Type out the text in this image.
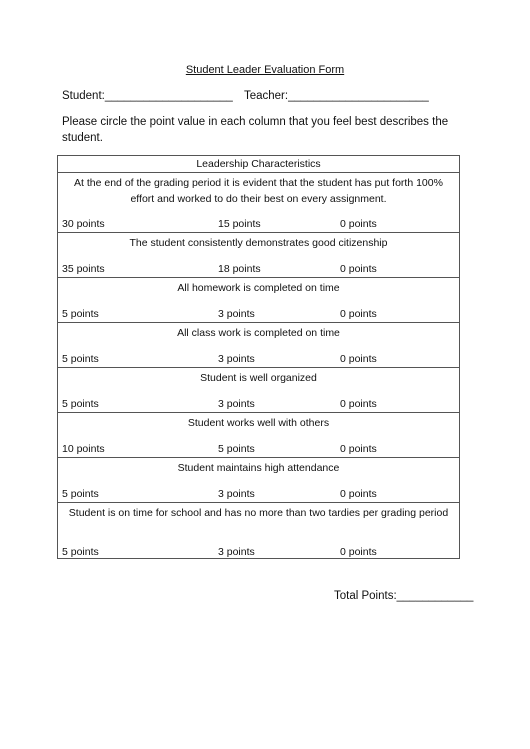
Student Leader Evaluation Form
Student:____________________ Teacher:______________________
Please circle the point value in each column that you feel best describes the student.
Leadership Characteristics
At the end of the grading period it is evident that the student has put forth 100% effort and worked to do their best on every assignment.
30 points	15 points	0 points
The student consistently demonstrates good citizenship
35 points	18 points	0 points
All homework is completed on time
5 points	3 points	0 points
All class work is completed on time
5 points	3 points	0 points
Student is well organized
5 points	3 points	0 points
Student works well with others
10 points	5 points	0 points
Student maintains high attendance
5 points	3 points	0 points
Student is on time for school and has no more than two tardies per grading period
5 points	3 points	0 points
Total Points:____________
